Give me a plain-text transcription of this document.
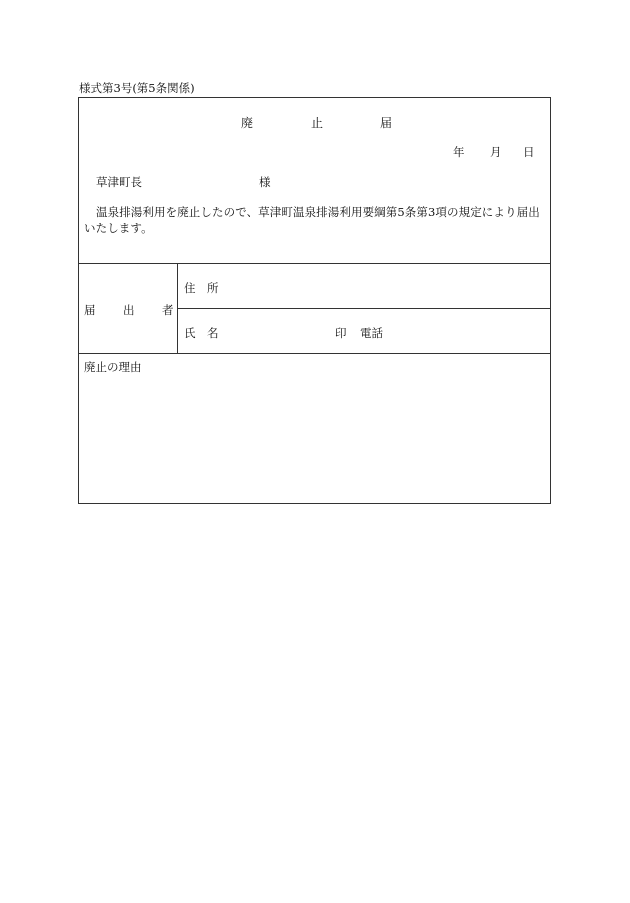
様式第3号(第5条関係)
廃	止	届
年 月 日
草津町長	様
温泉排湯利用を廃止したので、草津町温泉排湯利用要綱第5条第3項の規定により届出いたします。
届 出 者
住 所
氏 名	印 電話
廃止の理由
